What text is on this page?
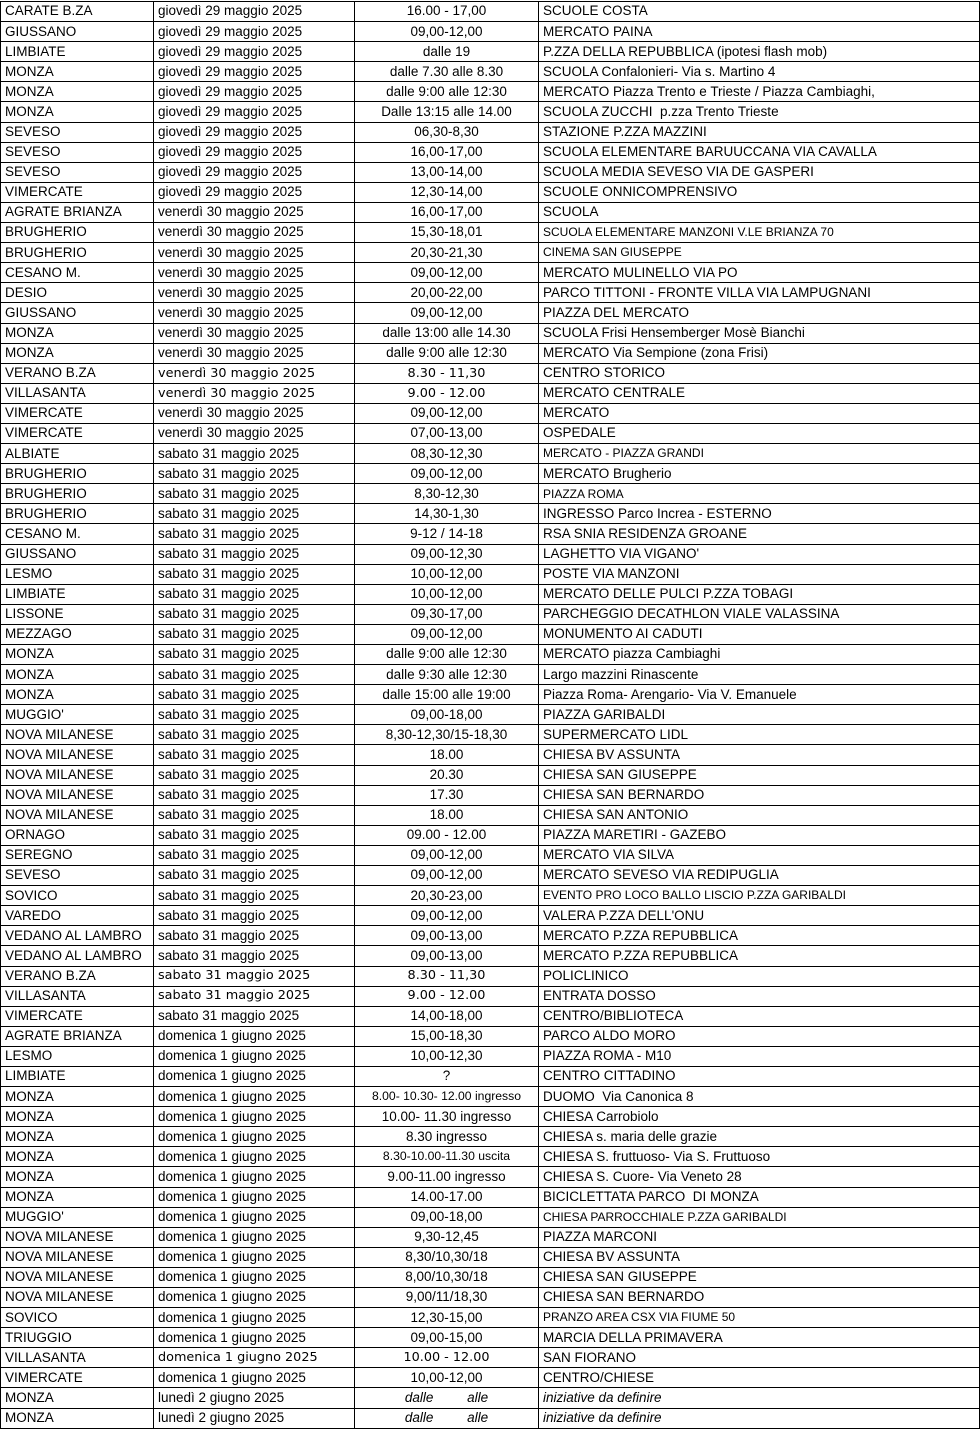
CARATE B.ZA	giovedì 29 maggio 2025	16.00 - 17,00	SCUOLE COSTA
GIUSSANO	giovedì 29 maggio 2025	09,00-12,00	MERCATO PAINA
LIMBIATE	giovedì 29 maggio 2025	dalle 19	P.ZZA DELLA REPUBBLICA (ipotesi flash mob)
MONZA	giovedì 29 maggio 2025	dalle 7.30 alle 8.30	SCUOLA Confalonieri- Via s. Martino 4
MONZA	giovedì 29 maggio 2025	dalle 9:00 alle 12:30	MERCATO Piazza Trento e Trieste / Piazza Cambiaghi,
MONZA	giovedì 29 maggio 2025	Dalle 13:15 alle 14.00	SCUOLA ZUCCHI  p.zza Trento Trieste
SEVESO	giovedì 29 maggio 2025	06,30-8,30	STAZIONE P.ZZA MAZZINI
SEVESO	giovedì 29 maggio 2025	16,00-17,00	SCUOLA ELEMENTARE BARUUCCANA VIA CAVALLA
SEVESO	giovedì 29 maggio 2025	13,00-14,00	SCUOLA MEDIA SEVESO VIA DE GASPERI
VIMERCATE	giovedì 29 maggio 2025	12,30-14,00	SCUOLE ONNICOMPRENSIVO
AGRATE BRIANZA	venerdì 30 maggio 2025	16,00-17,00	SCUOLA
BRUGHERIO	venerdì 30 maggio 2025	15,30-18,01	SCUOLA ELEMENTARE MANZONI V.LE BRIANZA 70
BRUGHERIO	venerdì 30 maggio 2025	20,30-21,30	CINEMA SAN GIUSEPPE
CESANO M.	venerdì 30 maggio 2025	09,00-12,00	MERCATO MULINELLO VIA PO
DESIO	venerdì 30 maggio 2025	20,00-22,00	PARCO TITTONI - FRONTE VILLA VIA LAMPUGNANI
GIUSSANO	venerdì 30 maggio 2025	09,00-12,00	PIAZZA DEL MERCATO
MONZA	venerdì 30 maggio 2025	dalle 13:00 alle 14.30	SCUOLA Frisi Hensemberger Mosè Bianchi
MONZA	venerdì 30 maggio 2025	dalle 9:00 alle 12:30	MERCATO Via Sempione (zona Frisi)
VERANO B.ZA	venerdì 30 maggio 2025	8.30 - 11,30	CENTRO STORICO
VILLASANTA	venerdì 30 maggio 2025	9.00 - 12.00	MERCATO CENTRALE
VIMERCATE	venerdì 30 maggio 2025	09,00-12,00	MERCATO
VIMERCATE	venerdì 30 maggio 2025	07,00-13,00	OSPEDALE
ALBIATE	sabato 31 maggio 2025	08,30-12,30	MERCATO - PIAZZA GRANDI
BRUGHERIO	sabato 31 maggio 2025	09,00-12,00	MERCATO Brugherio
BRUGHERIO	sabato 31 maggio 2025	8,30-12,30	PIAZZA ROMA
BRUGHERIO	sabato 31 maggio 2025	14,30-1,30	INGRESSO Parco Increa - ESTERNO
CESANO M.	sabato 31 maggio 2025	9-12 / 14-18	RSA SNIA RESIDENZA GROANE
GIUSSANO	sabato 31 maggio 2025	09,00-12,30	LAGHETTO VIA VIGANO'
LESMO	sabato 31 maggio 2025	10,00-12,00	POSTE VIA MANZONI
LIMBIATE	sabato 31 maggio 2025	10,00-12,00	MERCATO DELLE PULCI P.ZZA TOBAGI
LISSONE	sabato 31 maggio 2025	09,30-17,00	PARCHEGGIO DECATHLON VIALE VALASSINA
MEZZAGO	sabato 31 maggio 2025	09,00-12,00	MONUMENTO AI CADUTI
MONZA	sabato 31 maggio 2025	dalle 9:00 alle 12:30	MERCATO piazza Cambiaghi
MONZA	sabato 31 maggio 2025	dalle 9:30 alle 12:30	Largo mazzini Rinascente
MONZA	sabato 31 maggio 2025	dalle 15:00 alle 19:00	Piazza Roma- Arengario- Via V. Emanuele
MUGGIO'	sabato 31 maggio 2025	09,00-18,00	PIAZZA GARIBALDI
NOVA MILANESE	sabato 31 maggio 2025	8,30-12,30/15-18,30	SUPERMERCATO LIDL
NOVA MILANESE	sabato 31 maggio 2025	18.00	CHIESA BV ASSUNTA
NOVA MILANESE	sabato 31 maggio 2025	20.30	CHIESA SAN GIUSEPPE
NOVA MILANESE	sabato 31 maggio 2025	17.30	CHIESA SAN BERNARDO
NOVA MILANESE	sabato 31 maggio 2025	18.00	CHIESA SAN ANTONIO
ORNAGO	sabato 31 maggio 2025	09.00 - 12.00	PIAZZA MARETIRI - GAZEBO
SEREGNO	sabato 31 maggio 2025	09,00-12,00	MERCATO VIA SILVA
SEVESO	sabato 31 maggio 2025	09,00-12,00	MERCATO SEVESO VIA REDIPUGLIA
SOVICO	sabato 31 maggio 2025	20,30-23,00	EVENTO PRO LOCO BALLO LISCIO P.ZZA GARIBALDI
VAREDO	sabato 31 maggio 2025	09,00-12,00	VALERA P.ZZA DELL'ONU
VEDANO AL LAMBRO	sabato 31 maggio 2025	09,00-13,00	MERCATO P.ZZA REPUBBLICA
VEDANO AL LAMBRO	sabato 31 maggio 2025	09,00-13,00	MERCATO P.ZZA REPUBBLICA
VERANO B.ZA	sabato 31 maggio 2025	8.30 - 11,30	POLICLINICO
VILLASANTA	sabato 31 maggio 2025	9.00 - 12.00	ENTRATA DOSSO
VIMERCATE	sabato 31 maggio 2025	14,00-18,00	CENTRO/BIBLIOTECA
AGRATE BRIANZA	domenica 1 giugno 2025	15,00-18,30	PARCO ALDO MORO
LESMO	domenica 1 giugno 2025	10,00-12,30	PIAZZA ROMA - M10
LIMBIATE	domenica 1 giugno 2025	?	CENTRO CITTADINO
MONZA	domenica 1 giugno 2025	8.00- 10.30- 12.00 ingresso	DUOMO  Via Canonica 8
MONZA	domenica 1 giugno 2025	10.00- 11.30 ingresso	CHIESA Carrobiolo
MONZA	domenica 1 giugno 2025	8.30 ingresso	CHIESA s. maria delle grazie
MONZA	domenica 1 giugno 2025	8.30-10.00-11.30 uscita	CHIESA S. fruttuoso- Via S. Fruttuoso
MONZA	domenica 1 giugno 2025	9.00-11.00 ingresso	CHIESA S. Cuore- Via Veneto 28
MONZA	domenica 1 giugno 2025	14.00-17.00	BICICLETTATA PARCO  DI MONZA
MUGGIO'	domenica 1 giugno 2025	09,00-18,00	CHIESA PARROCCHIALE P.ZZA GARIBALDI
NOVA MILANESE	domenica 1 giugno 2025	9,30-12,45	PIAZZA MARCONI
NOVA MILANESE	domenica 1 giugno 2025	8,30/10,30/18	CHIESA BV ASSUNTA
NOVA MILANESE	domenica 1 giugno 2025	8,00/10,30/18	CHIESA SAN GIUSEPPE
NOVA MILANESE	domenica 1 giugno 2025	9,00/11/18,30	CHIESA SAN BERNARDO
SOVICO	domenica 1 giugno 2025	12,30-15,00	PRANZO AREA CSX VIA FIUME 50
TRIUGGIO	domenica 1 giugno 2025	09,00-15,00	MARCIA DELLA PRIMAVERA
VILLASANTA	domenica 1 giugno 2025	10.00 - 12.00	SAN FIORANO
VIMERCATE	domenica 1 giugno 2025	10,00-12,00	CENTRO/CHIESE
MONZA	lunedì 2 giugno 2025	dalle         alle	iniziative da definire
MONZA	lunedì 2 giugno 2025	dalle         alle	iniziative da definire
